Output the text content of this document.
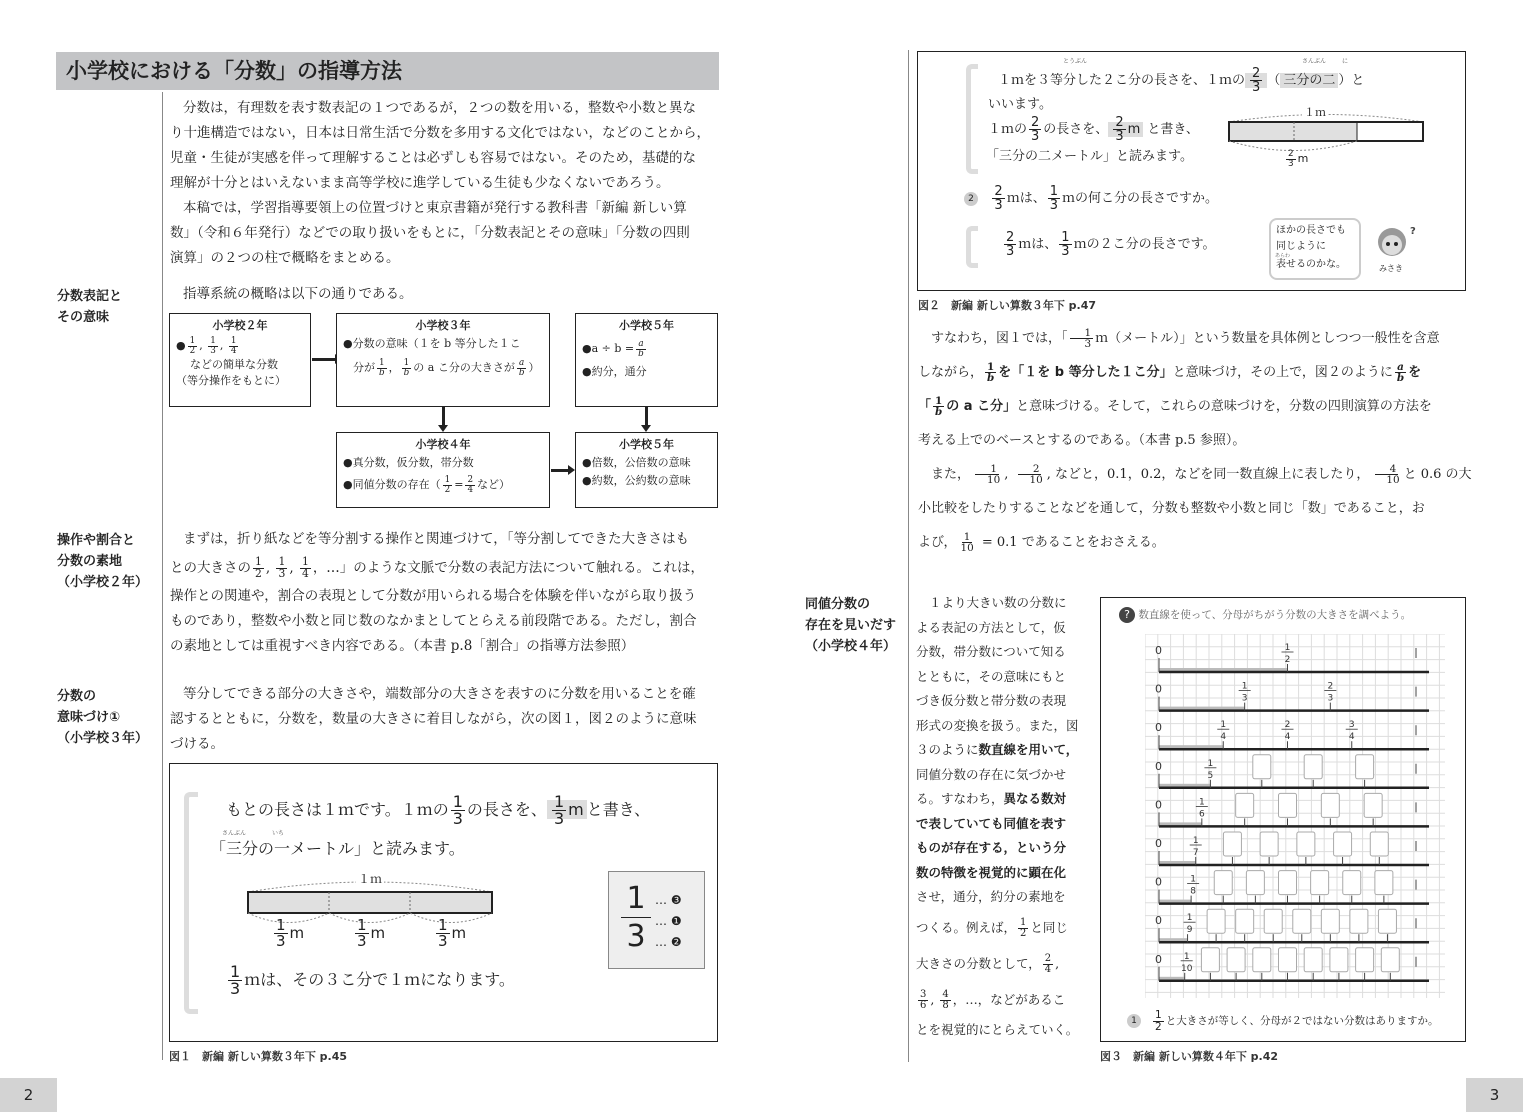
小学校における「分数」の指導方法
分数は，有理数を表す数表記の１つであるが，２つの数を用いる，整数や小数と異な
り十進構造ではない，日本は日常生活で分数を多用する文化ではない，などのことから，
児童・生徒が実感を伴って理解することは必ずしも容易ではない。そのため，基礎的な
理解が十分とはいえないまま高等学校に進学している生徒も少なくないであろう。
本稿では，学習指導要領上の位置づけと東京書籍が発行する教科書「新編 新しい算
数」（令和６年発行）などでの取り扱いをもとに，「分数表記とその意味」「分数の四則
演算」の２つの柱で概略をまとめる。
分数表記と
その意味
指導系統の概略は以下の通りである。
小学校２年
● $\frac{1}{2}$ , $\frac{1}{3}$ , $\frac{1}{4}$
などの簡単な分数
（等分操作をもとに）
小学校３年
●分数の意味（１を b 等分した１こ
分が $\frac{1}{b}$ ， $\frac{1}{b}$ の a こ分の大きさが $\frac{a}{b}$ ）
小学校５年
●a ÷ $b = \frac{a}{b}$
●約分，通分
小学校４年
●真分数，仮分数，帯分数
●同値分数の存在（ $\frac{1}{2} = \frac{2}{4}$ など）
小学校５年
●倍数，公倍数の意味
●約数，公約数の意味
操作や割合と
分数の素地
（小学校２年）
まずは，折り紙などを等分割する操作と関連づけて，「等分割してできた大きさはも
との大きさの $\frac{1}{2}$ , $\frac{1}{3}$ , $\frac{1}{4}$ ，…」のような文脈で分数の表記方法について触れる。これは，
操作との関連や，割合の表現として分数が用いられる場合を体験を伴いながら取り扱う
ものであり，整数や小数と同じ数のなかまとしてとらえる前段階である。ただし，割合
の素地としては重視すべき内容である。（本書 p.8「割合」の指導方法参照）
分数の
意味づけ①
（小学校３年）
等分してできる部分の大きさや，端数部分の大きさを表すのに分数を用いることを確
認するとともに，分数を，数量の大きさに着目しながら，次の図１，図２のように意味
づける。
もとの長さは１ｍです。１ｍの $\frac{1}{3}$ の長さを、 $\frac{1}{3}$ m と書き、
さんぶん	いち
「三分の一メートル」と読みます。
１ｍ
$\frac{1}{3}$ m	$\frac{1}{3}$ m	$\frac{1}{3}$ m
$\frac{1}{3}$ ｍは、その３こ分で１ｍになります。
1
3
… ❸
… ❶
… ❷
図１　新編 新しい算数３年下 p.45
2
とうぶん	さんぶん	に
１ｍを３等分した２こ分の長さを、１ｍの $\frac{2}{3}$ （ 三分の二 ）と
いいます。
１ｍの $\frac{2}{3}$ の長さを、 $\frac{2}{3}$ m と書き、
「三分の二メートル」と読みます。
１ｍ
$\frac{2}{3}$ m
$2 \frac{2}{3}$ ｍは、 $\frac{1}{3}$ ｍの何こ分の長さですか。
$\frac{2}{3}$ ｍは、 $\frac{1}{3}$ ｍの２こ分の長さです。
ほかの長さでも
同じように
表せるのかな。
あらわ
?
みさき
図２　新編 新しい算数３年下 p.47
すなわち，図１では，「 $\frac{1}{3}$ ｍ（メートル）」という数量を具体例としつつ一般性を含意
しながら， $\frac{1}{b}$ を「１を b 等分した１こ分」と意味づけ，その上で，図２のように $\frac{a}{b}$ を
「 $\frac{1}{b}$ の a こ分」と意味づける。そして，これらの意味づけを，分数の四則演算の方法を
考える上でのベースとするのである。（本書 p.5 参照）。
また， $\frac{1}{10}$ , $\frac{2}{10}$ , などと，0.1，0.2，などを同一数直線上に表したり， $\frac{4}{10}$ と 0.6 の大
小比較をしたりすることなどを通して，分数も整数や小数と同じ「数」であること，お
よび， $\frac{1}{10} = 0.1$ であることをおさえる。
同値分数の
存在を見いだす
（小学校４年）
１より大きい数の分数に
よる表記の方法として，仮
分数，帯分数について知る
とともに，その意味にもと
づき仮分数と帯分数の表現
形式の変換を扱う。また，図
３のように数直線を用いて，
同値分数の存在に気づかせ
る。すなわち，異なる数対
で表していても同値を表す
ものが存在する，という分
数の特徴を視覚的に顕在化
させ，通分，約分の素地を
つくる。例えば， $\frac{1}{2}$ と同じ
大きさの分数として， $\frac{2}{4}$ ,
$\frac{3}{6}$ , $\frac{4}{8}$ ，…，などがあるこ
とを視覚的にとらえていく。
? 数直線を使って、分母がちがう分数の大きさを調べよう。
0	1
2
0	1
3
2
3
0	1
4
2
4
3
4
0	1
5
0	1
6
0	1
7
0	1
8
0	1
9
0 1
10
$1 \frac{1}{2}$ と大きさが等しく、分母が２ではない分数はありますか。
図３　新編 新しい算数４年下 p.42
3
